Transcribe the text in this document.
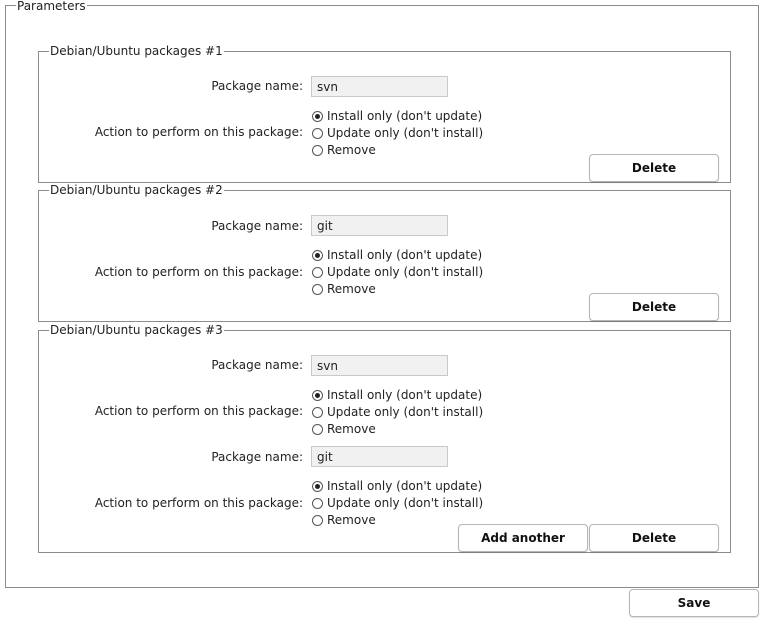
Parameters
Debian/Ubuntu packages #1
Package name:
svn
Action to perform on this package:
Install only (don't update)
Update only (don't install)
Remove
Delete
Debian/Ubuntu packages #2
Package name:
git
Action to perform on this package:
Install only (don't update)
Update only (don't install)
Remove
Delete
Debian/Ubuntu packages #3
Package name:
svn
Action to perform on this package:
Install only (don't update)
Update only (don't install)
Remove
Package name:
git
Action to perform on this package:
Install only (don't update)
Update only (don't install)
Remove
Add another	Delete
Save
